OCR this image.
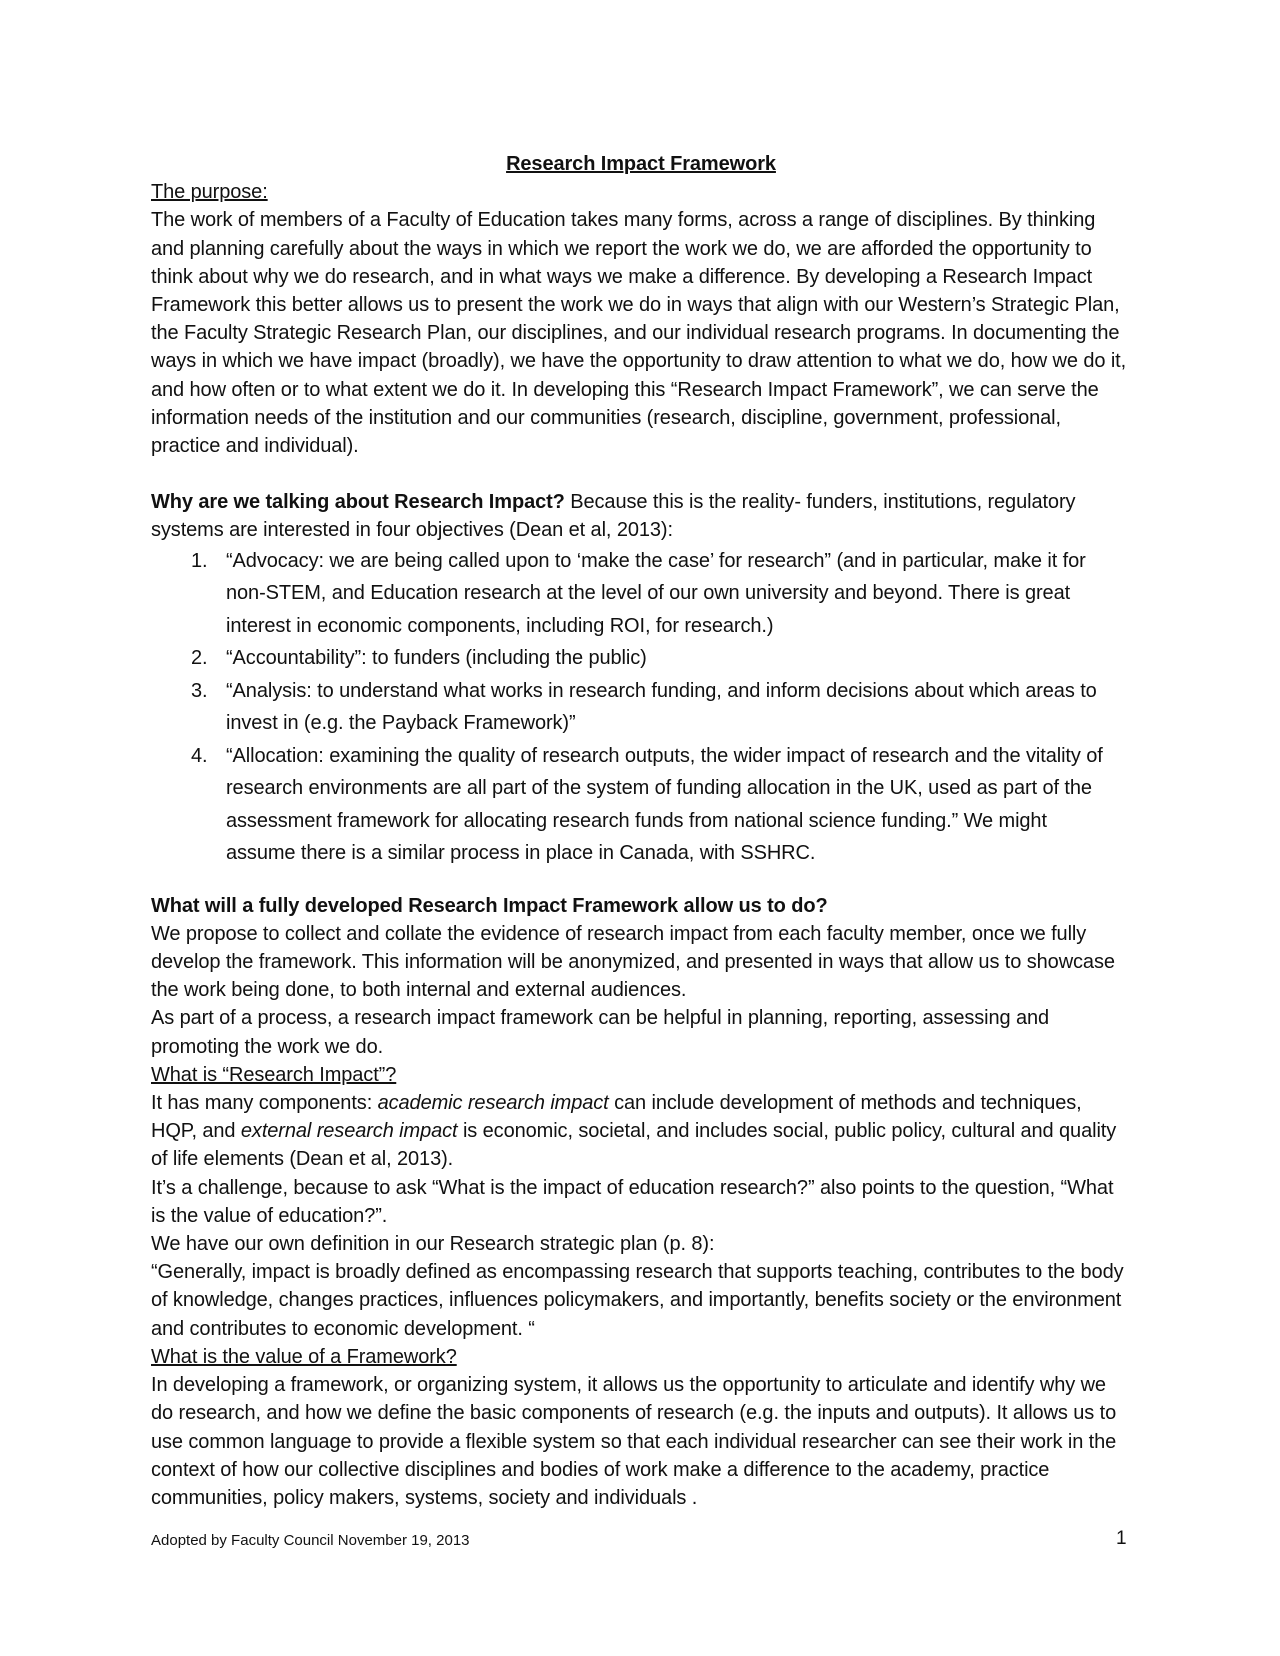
Research Impact Framework

The purpose:

The work of members of a Faculty of Education takes many forms, across a range of disciplines. By thinking and planning carefully about the ways in which we report the work we do, we are afforded the opportunity to think about why we do research, and in what ways we make a difference. By developing a Research Impact Framework this better allows us to present the work we do in ways that align with our Western’s Strategic Plan, the Faculty Strategic Research Plan, our disciplines, and our individual research programs. In documenting the ways in which we have impact (broadly), we have the opportunity to draw attention to what we do, how we do it, and how often or to what extent we do it. In developing this “Research Impact Framework”, we can serve the information needs of the institution and our communities (research, discipline, government, professional, practice and individual).

Why are we talking about Research Impact? Because this is the reality- funders, institutions, regulatory systems are interested in four objectives (Dean et al, 2013):

1. “Advocacy: we are being called upon to ‘make the case’ for research” (and in particular, make it for non-STEM, and Education research at the level of our own university and beyond. There is great interest in economic components, including ROI, for research.)
2. “Accountability”: to funders (including the public)
3. “Analysis: to understand what works in research funding, and inform decisions about which areas to invest in (e.g. the Payback Framework)”
4. “Allocation: examining the quality of research outputs, the wider impact of research and the vitality of research environments are all part of the system of funding allocation in the UK, used as part of the assessment framework for allocating research funds from national science funding.” We might assume there is a similar process in place in Canada, with SSHRC.

What will a fully developed Research Impact Framework allow us to do?

We propose to collect and collate the evidence of research impact from each faculty member, once we fully develop the framework. This information will be anonymized, and presented in ways that allow us to showcase the work being done, to both internal and external audiences.

As part of a process, a research impact framework can be helpful in planning, reporting, assessing and promoting the work we do.

What is “Research Impact”?

It has many components: academic research impact can include development of methods and techniques, HQP, and external research impact is economic, societal, and includes social, public policy, cultural and quality of life elements (Dean et al, 2013).

It’s a challenge, because to ask “What is the impact of education research?” also points to the question, “What is the value of education?”.

We have our own definition in our Research strategic plan (p. 8):

“Generally, impact is broadly defined as encompassing research that supports teaching, contributes to the body of knowledge, changes practices, influences policymakers, and importantly, benefits society or the environment and contributes to economic development. “

What is the value of a Framework?

In developing a framework, or organizing system, it allows us the opportunity to articulate and identify why we do research, and how we define the basic components of research (e.g. the inputs and outputs). It allows us to use common language to provide a flexible system so that each individual researcher can see their work in the context of how our collective disciplines and bodies of work make a difference to the academy, practice communities, policy makers, systems, society and individuals .

Adopted by Faculty Council November 19, 2013	1
